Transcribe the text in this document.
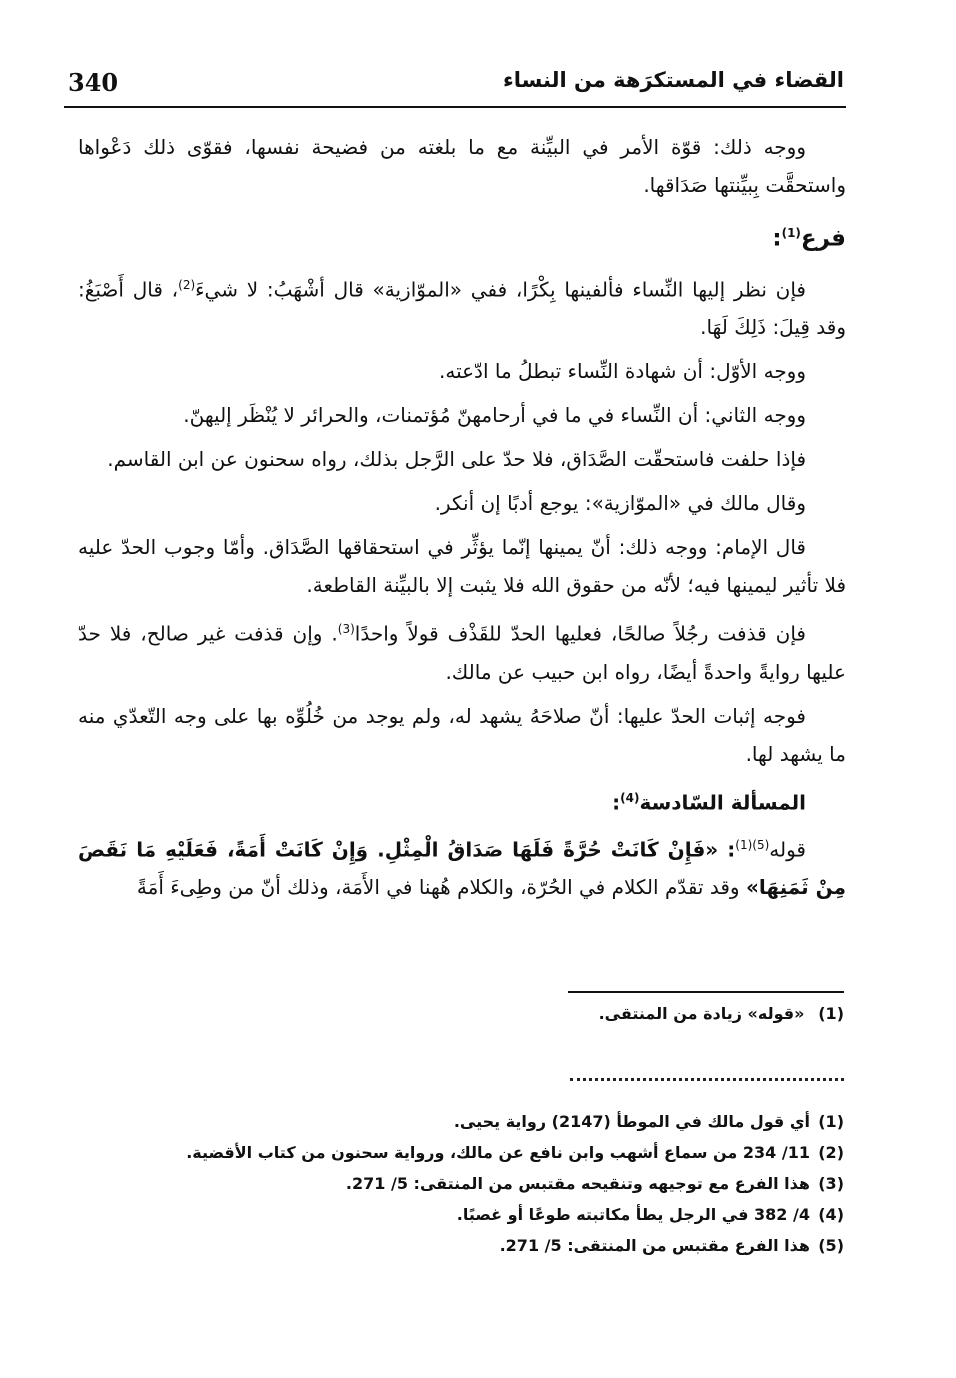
340	القضاء في المستكرَهة من النساء

ووجه ذلك: قوّة الأمر في البيِّنة مع ما بلغته من فضيحة نفسها، فقوّى ذلك دَعْواها واستحقَّت بِبيِّنتها صَدَاقها.

فرع$^{(1)}$:

فإن نظر إليها النِّساء فألفينها بِكْرًا، ففي «الموّازية» قال أشْهَبُ: لا شيءَ$^{(2)}$، قال أَصْبَغُ: وقد قِيلَ: ذَلِكَ لَهَا.

ووجه الأوّل: أن شهادة النِّساء تبطلُ ما ادّعته.

ووجه الثاني: أن النِّساء في ما في أرحامهنّ مُؤتمنات، والحرائر لا يُنْظَر إليهنّ.

فإذا حلفت فاستحقّت الصَّدَاق، فلا حدّ على الرَّجل بذلك، رواه سحنون عن ابن القاسم.

وقال مالك في «الموّازية»: يوجع أدبًا إن أنكر.

قال الإمام: ووجه ذلك: أنّ يمينها إنّما يؤثِّر في استحقاقها الصَّدَاق. وأمّا وجوب الحدّ عليه فلا تأثير ليمينها فيه؛ لأنّه من حقوق الله فلا يثبت إلا بالبيِّنة القاطعة.

فإن قذفت رجُلاً صالحًا، فعليها الحدّ للقَذْف قولاً واحدًا$^{(3)}$. وإن قذفت غير صالح، فلا حدّ عليها روايةً واحدةً أيضًا، رواه ابن حبيب عن مالك.

فوجه إثبات الحدّ عليها: أنّ صلاحَهُ يشهد له، ولم يوجد من خُلُوِّه بها على وجه التّعدّي منه ما يشهد لها.

المسألة السّادسة$^{(4)}$:

قوله$^{(5)(1)}$: «فَإِنْ كَانَتْ حُرَّةً فَلَهَا صَدَاقُ الْمِثْلِ. وَإِنْ كَانَتْ أَمَةً، فَعَلَيْهِ مَا نَقَصَ مِنْ ثَمَنِهَا» وقد تقدّم الكلام في الحُرّة، والكلام هُهنا في الأَمَة، وذلك أنّ من وطِىءَ أَمَةً

(1) «قوله» زيادة من المنتقى.
(1)أي قول مالك في الموطأ (2147) رواية يحيى.
(2)11/ 234 من سماع أشهب وابن نافع عن مالك، ورواية سحنون من كتاب الأقضية.
(3)هذا الفرع مع توجيهه وتنقيحه مقتبس من المنتقى: 5/ 271.
(4)4/ 382 في الرجل يطأ مكاتبته طوعًا أو غصبًا.
(5)هذا الفرع مقتبس من المنتقى: 5/ 271.
